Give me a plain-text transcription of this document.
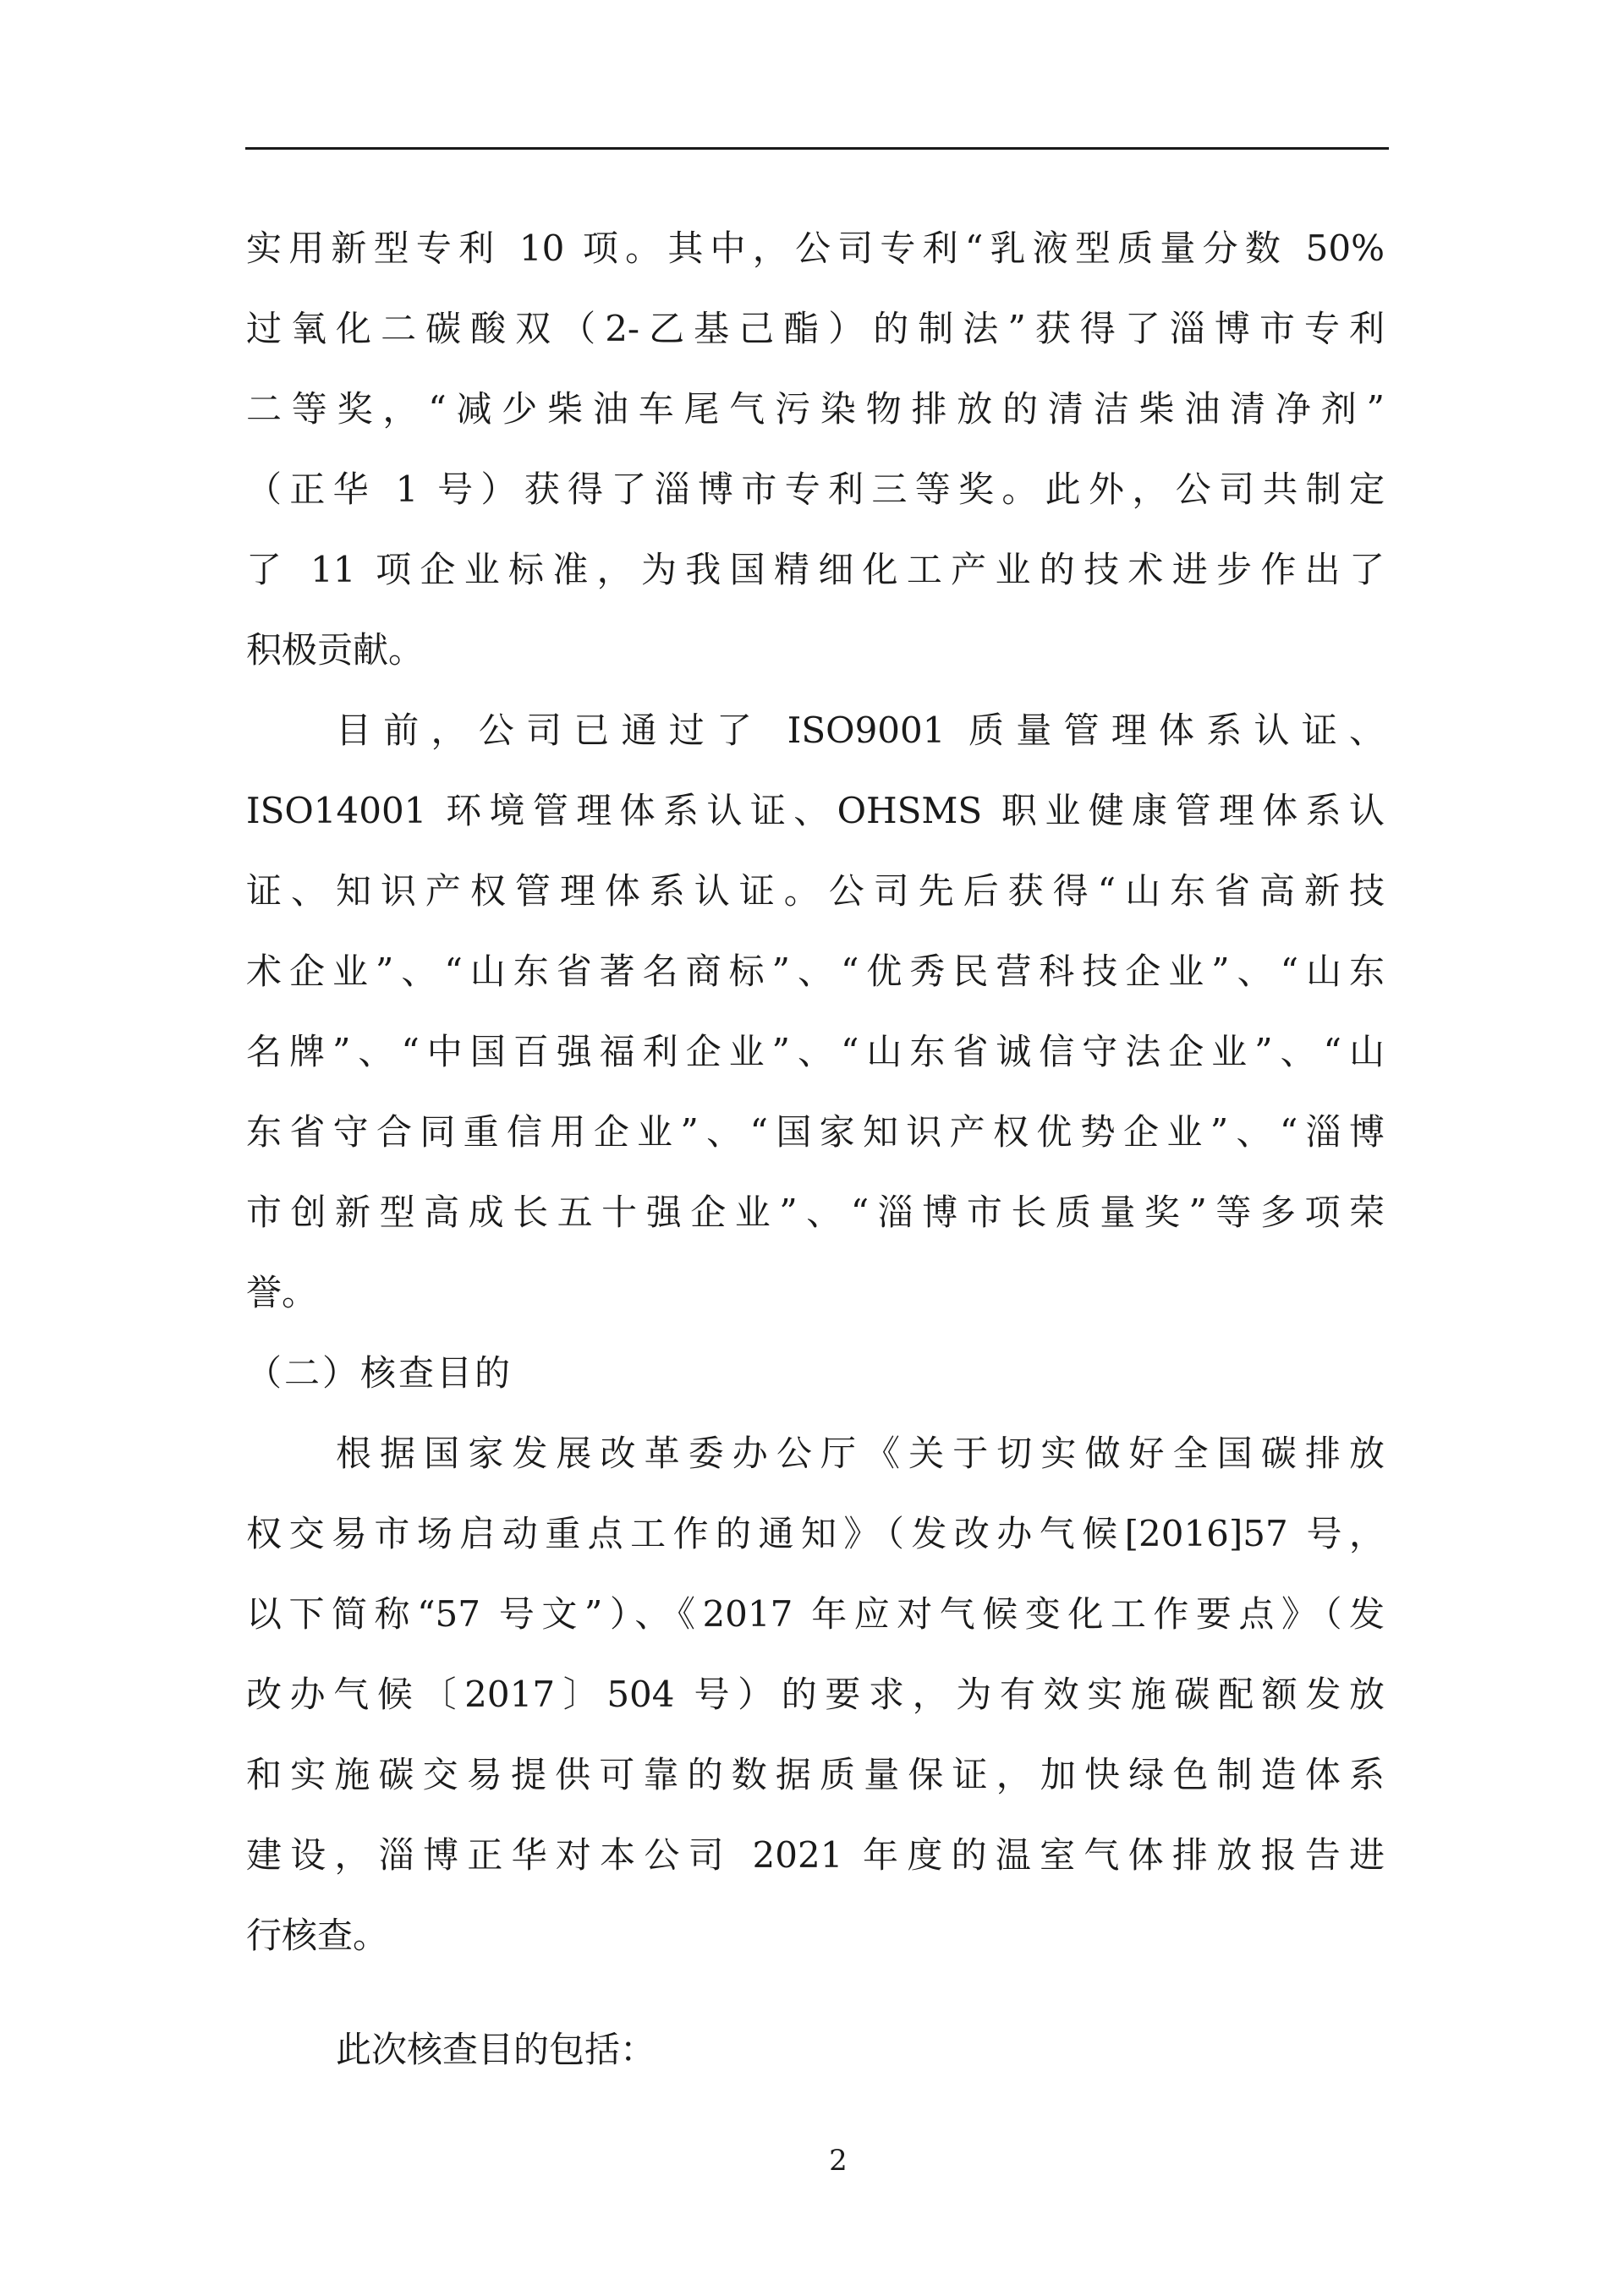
实用新型专利 10 项。其中，公司专利“乳液型质量分数 50%
过氧化二碳酸双（2-乙基己酯）的制法”获得了淄博市专利
二等奖，“减少柴油车尾气污染物排放的清洁柴油清净剂”
（正华 1 号）获得了淄博市专利三等奖。此外，公司共制定
了 11 项企业标准，为我国精细化工产业的技术进步作出了
积极贡献。
目前，公司已通过了 ISO9001 质量管理体系认证、
ISO14001 环境管理体系认证、OHSMS 职业健康管理体系认
证、知识产权管理体系认证。公司先后获得“山东省高新技
术企业”、“山东省著名商标”、“优秀民营科技企业”、“山东
名牌”、“中国百强福利企业”、“山东省诚信守法企业”、“山
东省守合同重信用企业”、“国家知识产权优势企业”、“淄博
市创新型高成长五十强企业”、“淄博市长质量奖”等多项荣
誉。
（二）核查目的
根据国家发展改革委办公厅《关于切实做好全国碳排放
权交易市场启动重点工作的通知》（发改办气候[2016]57 号，
以下简称“57 号文”）、《2017 年应对气候变化工作要点》（发
改办气候〔2017〕504 号）的要求，为有效实施碳配额发放
和实施碳交易提供可靠的数据质量保证，加快绿色制造体系
建设，淄博正华对本公司 2021 年度的温室气体排放报告进
行核查。
此次核查目的包括：
2
